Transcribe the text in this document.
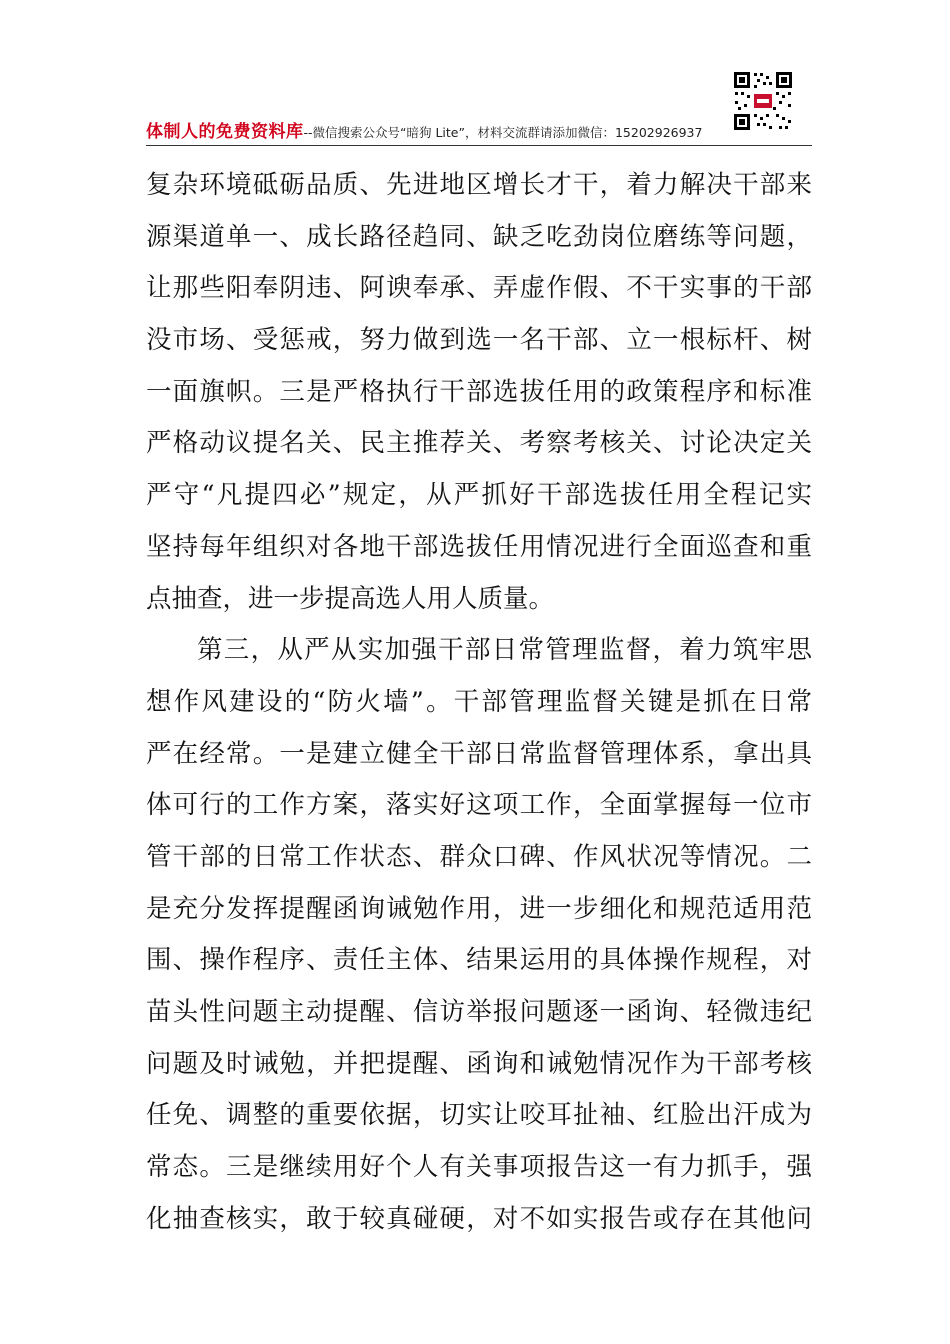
体制人的免费资料库--微信搜索公众号“暗狗 Lite”，材料交流群请添加微信：15202926937
复杂环境砥砺品质、先进地区增长才干，着力解决干部来
源渠道单一、成长路径趋同、缺乏吃劲岗位磨练等问题，
让那些阳奉阴违、阿谀奉承、弄虚作假、不干实事的干部
没市场、受惩戒，努力做到选一名干部、立一根标杆、树
一面旗帜。三是严格执行干部选拔任用的政策程序和标准
严格动议提名关、民主推荐关、考察考核关、讨论决定关
严守“凡提四必”规定，从严抓好干部选拔任用全程记实
坚持每年组织对各地干部选拔任用情况进行全面巡查和重
点抽查，进一步提高选人用人质量。
第三，从严从实加强干部日常管理监督，着力筑牢思
想作风建设的“防火墙”。干部管理监督关键是抓在日常
严在经常。一是建立健全干部日常监督管理体系，拿出具
体可行的工作方案，落实好这项工作，全面掌握每一位市
管干部的日常工作状态、群众口碑、作风状况等情况。二
是充分发挥提醒函询诫勉作用，进一步细化和规范适用范
围、操作程序、责任主体、结果运用的具体操作规程，对
苗头性问题主动提醒、信访举报问题逐一函询、轻微违纪
问题及时诫勉，并把提醒、函询和诫勉情况作为干部考核
任免、调整的重要依据，切实让咬耳扯袖、红脸出汗成为
常态。三是继续用好个人有关事项报告这一有力抓手，强
化抽查核实，敢于较真碰硬，对不如实报告或存在其他问
